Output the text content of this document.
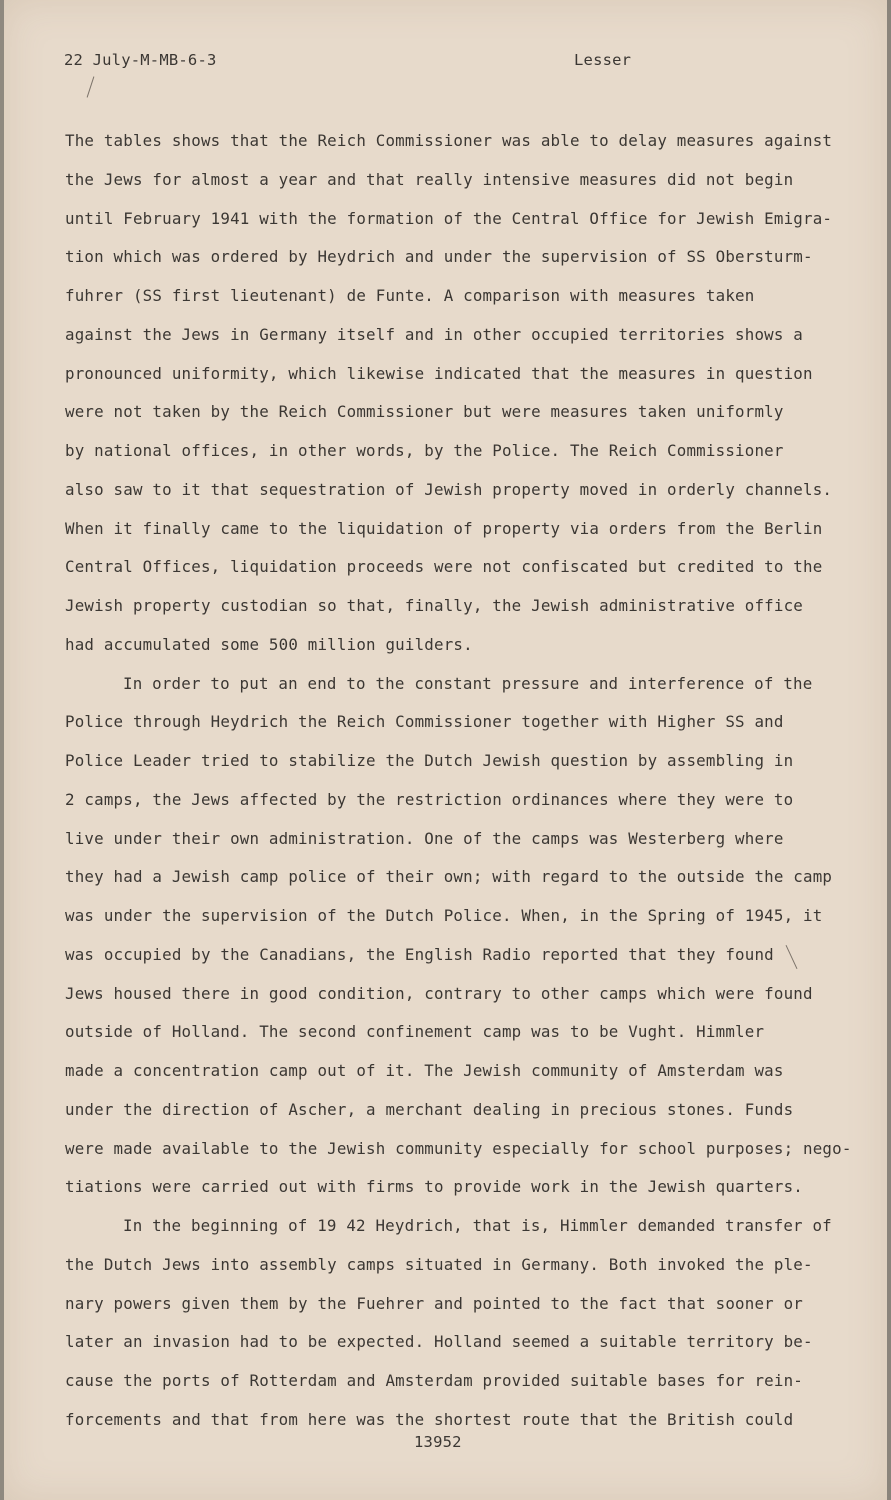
22 July-M-MB-6-3	Lesser
The tables shows that the Reich Commissioner was able to delay measures against
the Jews for almost a year and that really intensive measures did not begin
until February 1941 with the formation of the Central Office for Jewish Emigra-
tion which was ordered by Heydrich and under the supervision of SS Obersturm-
fuhrer (SS first lieutenant) de Funte. A comparison with measures taken
against the Jews in Germany itself and in other occupied territories shows a
pronounced uniformity, which likewise indicated that the measures in question
were not taken by the Reich Commissioner but were measures taken uniformly
by national offices, in other words, by the Police. The Reich Commissioner
also saw to it that sequestration of Jewish property moved in orderly channels.
When it finally came to the liquidation of property via orders from the Berlin
Central Offices, liquidation proceeds were not confiscated but credited to the
Jewish property custodian so that, finally, the Jewish administrative office
had accumulated some 500 million guilders.
In order to put an end to the constant pressure and interference of the
Police through Heydrich the Reich Commissioner together with Higher SS and
Police Leader tried to stabilize the Dutch Jewish question by assembling in
2 camps, the Jews affected by the restriction ordinances where they were to
live under their own administration. One of the camps was Westerberg where
they had a Jewish camp police of their own; with regard to the outside the camp
was under the supervision of the Dutch Police. When, in the Spring of 1945, it
was occupied by the Canadians, the English Radio reported that they found
Jews housed there in good condition, contrary to other camps which were found
outside of Holland. The second confinement camp was to be Vught. Himmler
made a concentration camp out of it. The Jewish community of Amsterdam was
under the direction of Ascher, a merchant dealing in precious stones. Funds
were made available to the Jewish community especially for school purposes; nego-
tiations were carried out with firms to provide work in the Jewish quarters.
In the beginning of 19 42 Heydrich, that is, Himmler demanded transfer of
the Dutch Jews into assembly camps situated in Germany. Both invoked the ple-
nary powers given them by the Fuehrer and pointed to the fact that sooner or
later an invasion had to be expected. Holland seemed a suitable territory be-
cause the ports of Rotterdam and Amsterdam provided suitable bases for rein-
forcements and that from here was the shortest route that the British could
13952
